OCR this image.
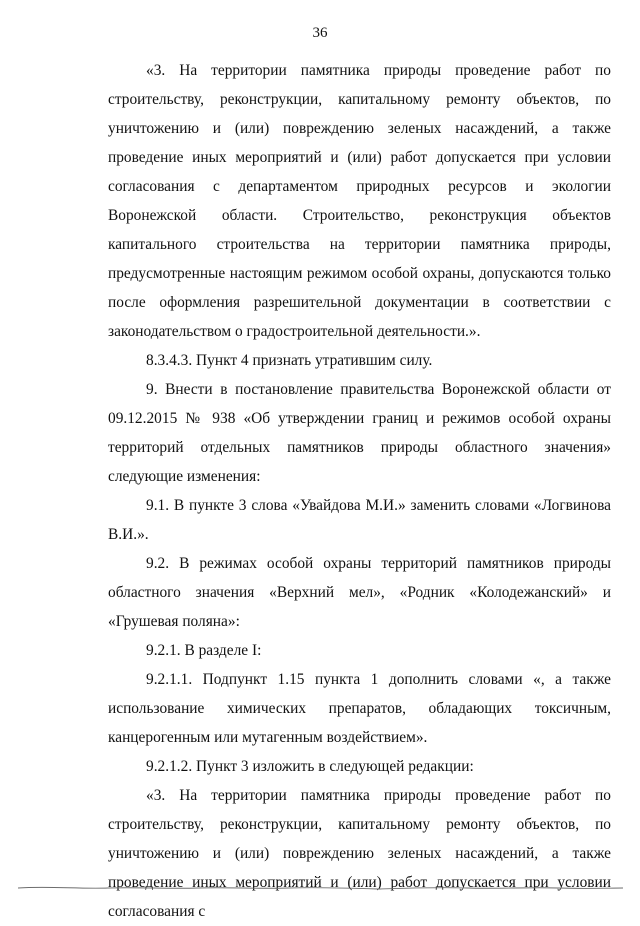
36

«3. На территории памятника природы проведение работ по строительству, реконструкции, капитальному ремонту объектов, по уничтожению и (или) повреждению зеленых насаждений, а также проведение иных мероприятий и (или) работ допускается при условии согласования с департаментом природных ресурсов и экологии Воронежской области. Строительство, реконструкция объектов капитального строительства на территории памятника природы, предусмотренные настоящим режимом особой охраны, допускаются только после оформления разрешительной документации в соответствии с законодательством о градостроительной деятельности.».

8.3.4.3. Пункт 4 признать утратившим силу.

9. Внести в постановление правительства Воронежской области от 09.12.2015 № 938 «Об утверждении границ и режимов особой охраны территорий отдельных памятников природы областного значения» следующие изменения:

9.1. В пункте 3 слова «Увайдова М.И.» заменить словами «Логвинова В.И.».

9.2. В режимах особой охраны территорий памятников природы областного значения «Верхний мел», «Родник «Колодежанский» и «Грушевая поляна»:

9.2.1. В разделе I:

9.2.1.1. Подпункт 1.15 пункта 1 дополнить словами «, а также использование химических препаратов, обладающих токсичным, канцерогенным или мутагенным воздействием».

9.2.1.2. Пункт 3 изложить в следующей редакции:

«3. На территории памятника природы проведение работ по строительству, реконструкции, капитальному ремонту объектов, по уничтожению и (или) повреждению зеленых насаждений, а также проведение иных мероприятий и (или) работ допускается при условии согласования с
